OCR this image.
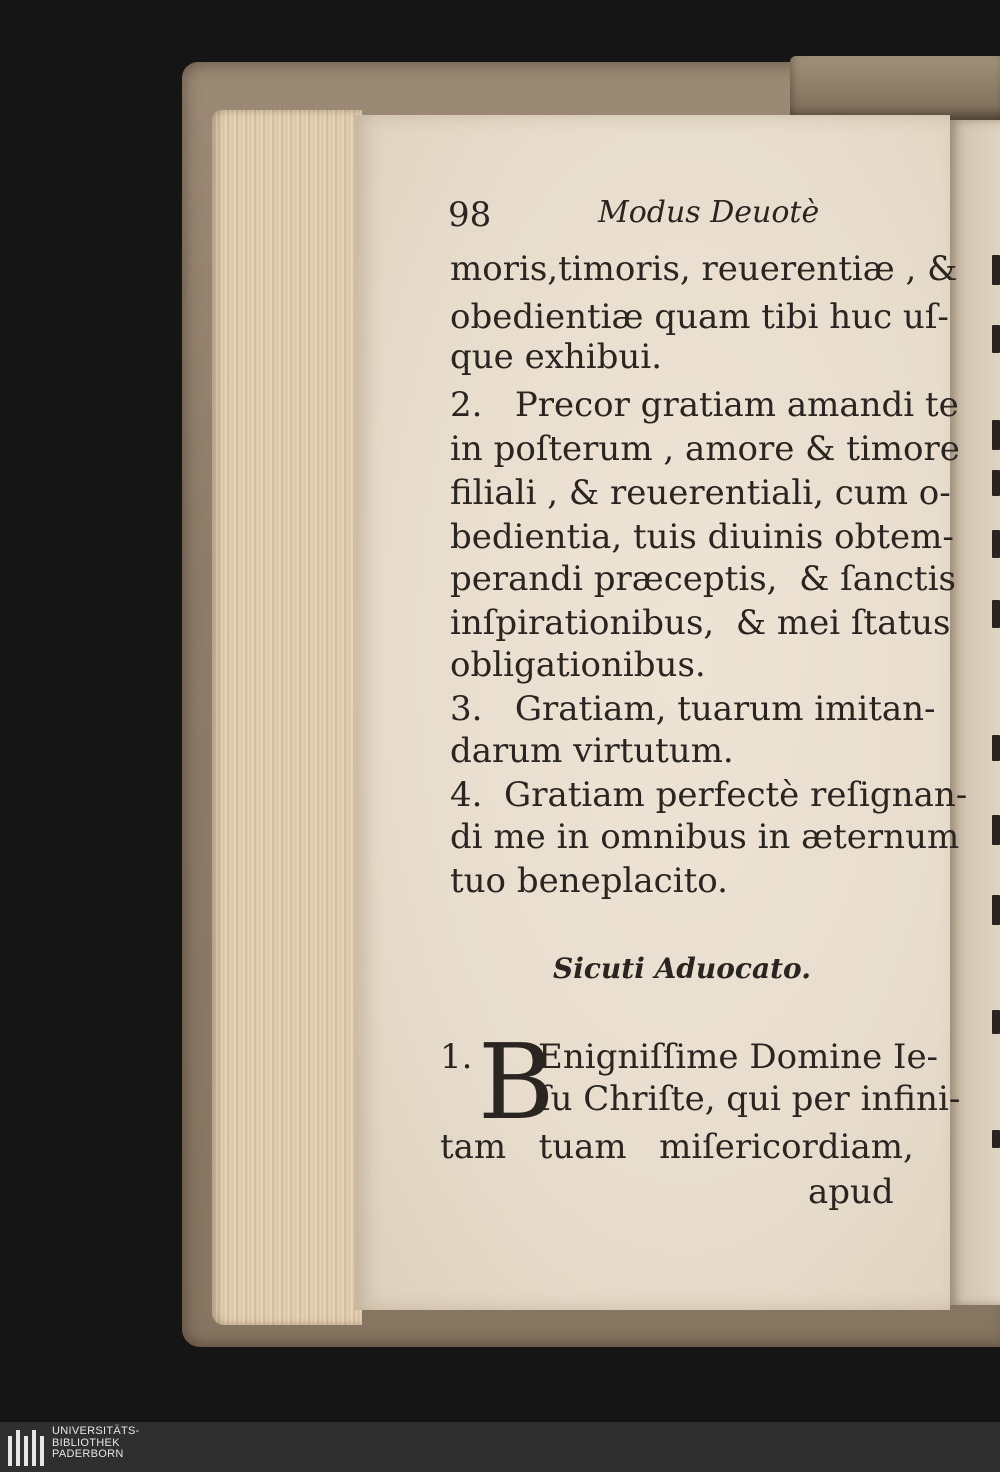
98	Modus Deuotè
moris,timoris, reuerentiæ , &
obedientiæ quam tibi huc uſ-
que exhibui.
2.   Precor gratiam amandi te
in poſterum , amore & timore
filiali , & reuerentiali, cum o-
bedientia, tuis diuinis obtem-
perandi præceptis,  & ſanctis
inſpirationibus,  & mei ſtatus
obligationibus.
3.   Gratiam, tuarum imitan-
darum virtutum.
4.  Gratiam perfectè reſignan-
di me in omnibus in æternum
tuo beneplacito.
Sicuti Aduocato.
1. B
Enigniſſime Domine Ie-
ſu Chriſte, qui per infini-
tam   tuam   miſericordiam,
apud
UNIVERSITÄTS-
BIBLIOTHEK
PADERBORN
